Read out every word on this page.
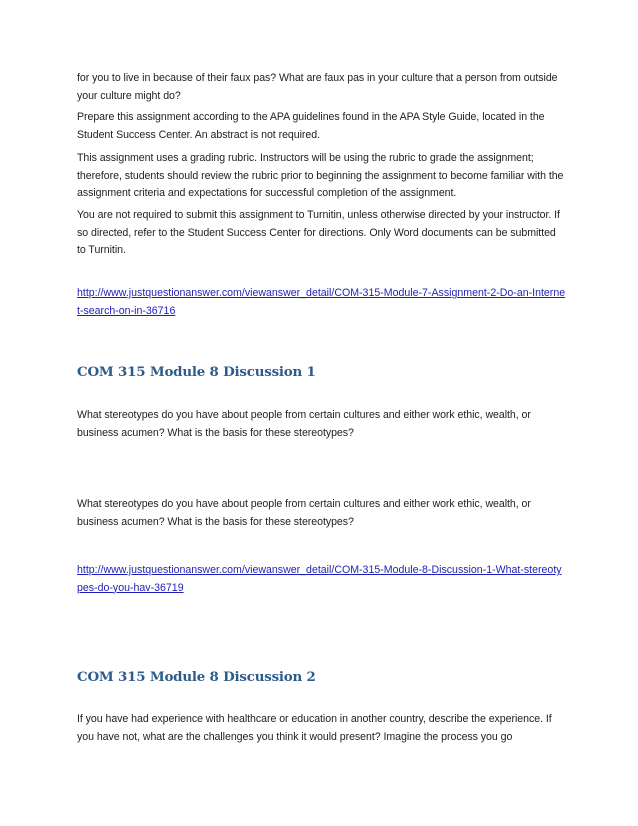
for you to live in because of their faux pas? What are faux pas in your culture that a person from outside your culture might do?

Prepare this assignment according to the APA guidelines found in the APA Style Guide, located in the Student Success Center. An abstract is not required.

This assignment uses a grading rubric. Instructors will be using the rubric to grade the assignment; therefore, students should review the rubric prior to beginning the assignment to become familiar with the assignment criteria and expectations for successful completion of the assignment.

You are not required to submit this assignment to Turnitin, unless otherwise directed by your instructor. If so directed, refer to the Student Success Center for directions. Only Word documents can be submitted to Turnitin.

http://www.justquestionanswer.com/viewanswer_detail/COM-315-Module-7-Assignment-2-Do-an-Internet-search-on-in-36716
COM 315 Module 8 Discussion 1

What stereotypes do you have about people from certain cultures and either work ethic, wealth, or business acumen? What is the basis for these stereotypes?

What stereotypes do you have about people from certain cultures and either work ethic, wealth, or business acumen? What is the basis for these stereotypes?

http://www.justquestionanswer.com/viewanswer_detail/COM-315-Module-8-Discussion-1-What-stereotypes-do-you-hav-36719
COM 315 Module 8 Discussion 2

If you have had experience with healthcare or education in another country, describe the experience. If you have not, what are the challenges you think it would present? Imagine the process you go
